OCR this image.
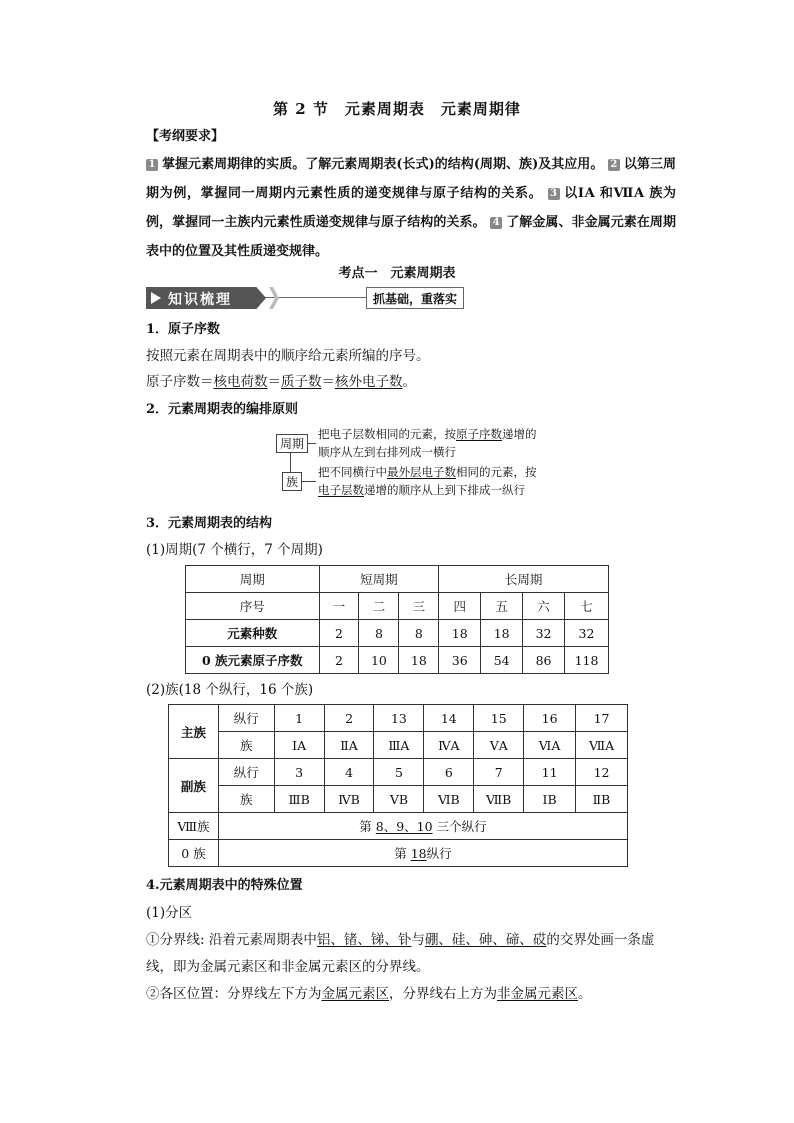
第 2 节　元素周期表　元素周期律
【考纲要求】
1 掌握元素周期律的实质。了解元素周期表(长式)的结构(周期、族)及其应用。 2 以第三周期为例，掌握同一周期内元素性质的递变规律与原子结构的关系。 3 以ⅠA 和ⅦA 族为例，掌握同一主族内元素性质递变规律与原子结构的关系。 4 了解金属、非金属元素在周期表中的位置及其性质递变规律。
考点一　元素周期表
知识梳理	抓基础，重落实
1．原子序数
按照元素在周期表中的顺序给元素所编的序号。
原子序数＝核电荷数＝质子数＝核外电子数。
2．元素周期表的编排原则
周期
族
把电子层数相同的元素，按原子序数递增的
顺序从左到右排列成一横行
把不同横行中最外层电子数相同的元素，按
电子层数递增的顺序从上到下排成一纵行
3．元素周期表的结构
(1)周期(7 个横行，7 个周期)
周期	短周期			长周期			
序号	一	二	三	四	五	六	七
元素种数	2	8	8	18	18	32	32
0 族元素原子序数	2	10	18	36	54	86	118
(2)族(18 个纵行，16 个族)
主族	纵行	1	2	13	14	15	16	17
	族	ⅠA	ⅡA	ⅢA	ⅣA	ⅤA	ⅥA	ⅦA
副族	纵行	3	4	5	6	7	11	12
	族	ⅢB	ⅣB	ⅤB	ⅥB	ⅦB	ⅠB	ⅡB
Ⅷ族	第 8、9、10 三个纵行							
0 族	第 18纵行							
4.元素周期表中的特殊位置
(1)分区
①分界线: 沿着元素周期表中铝、锗、锑、钋与硼、硅、砷、碲、砹的交界处画一条虚
线，即为金属元素区和非金属元素区的分界线。
②各区位置：分界线左下方为金属元素区，分界线右上方为非金属元素区。
